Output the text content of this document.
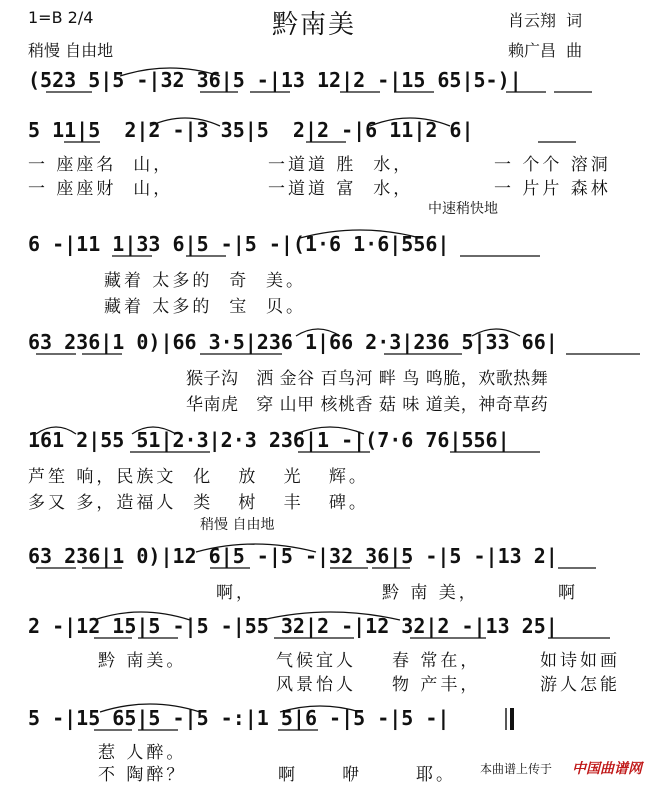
1=B 2/4	黔南美	肖云翔  词
稍慢 自由地	赖广昌  曲
(523 5|5 -|32 36|5 -|13 12|2 -|15 65|5-)|
5 11|5  2|2 -|3 35|5  2|2 -|6 11|2 6|
一 座座名  山，	一道道 胜  水，	一 个个 溶洞
一 座座财  山，	一道道 富  水，	一 片片 森林
中速稍快地
6 -|11 1|33 6|5 -|5 -|(1·6 1·6|556|
藏着 太多的  奇  美。
藏着 太多的  宝  贝。
63 236|1 0)|66 3·5|236 1|66 2·3|236 5|33 66|
猴子沟   洒 金谷 百鸟河 畔 鸟 鸣脆，欢歌热舞
华南虎   穿 山甲 核桃香 菇 味 道美，神奇草药
161 2|55 51|2·3|2·3 236|1 -|(7·6 76|556|
芦笙 响，民族文  化   放   光   辉。
多又 多，造福人  类   树   丰   碑。
稍慢 自由地
63 236|1 0)|12 6|5 -|5 -|32 36|5 -|5 -|13 2|
啊，	黔 南 美，	啊
2 -|12 15|5 -|5 -|55 32|2 -|12 32|2 -|13 25|
黔 南美。	气候宜人 春 常在，	如诗如画
风景怡人 物 产丰，	游人怎能
5 -|15 65|5 -|5 -:|1 5|6 -|5 -|5 -|
惹 人醉。
不 陶醉？	啊	咿	耶。 本曲谱上传于 中国曲谱网
